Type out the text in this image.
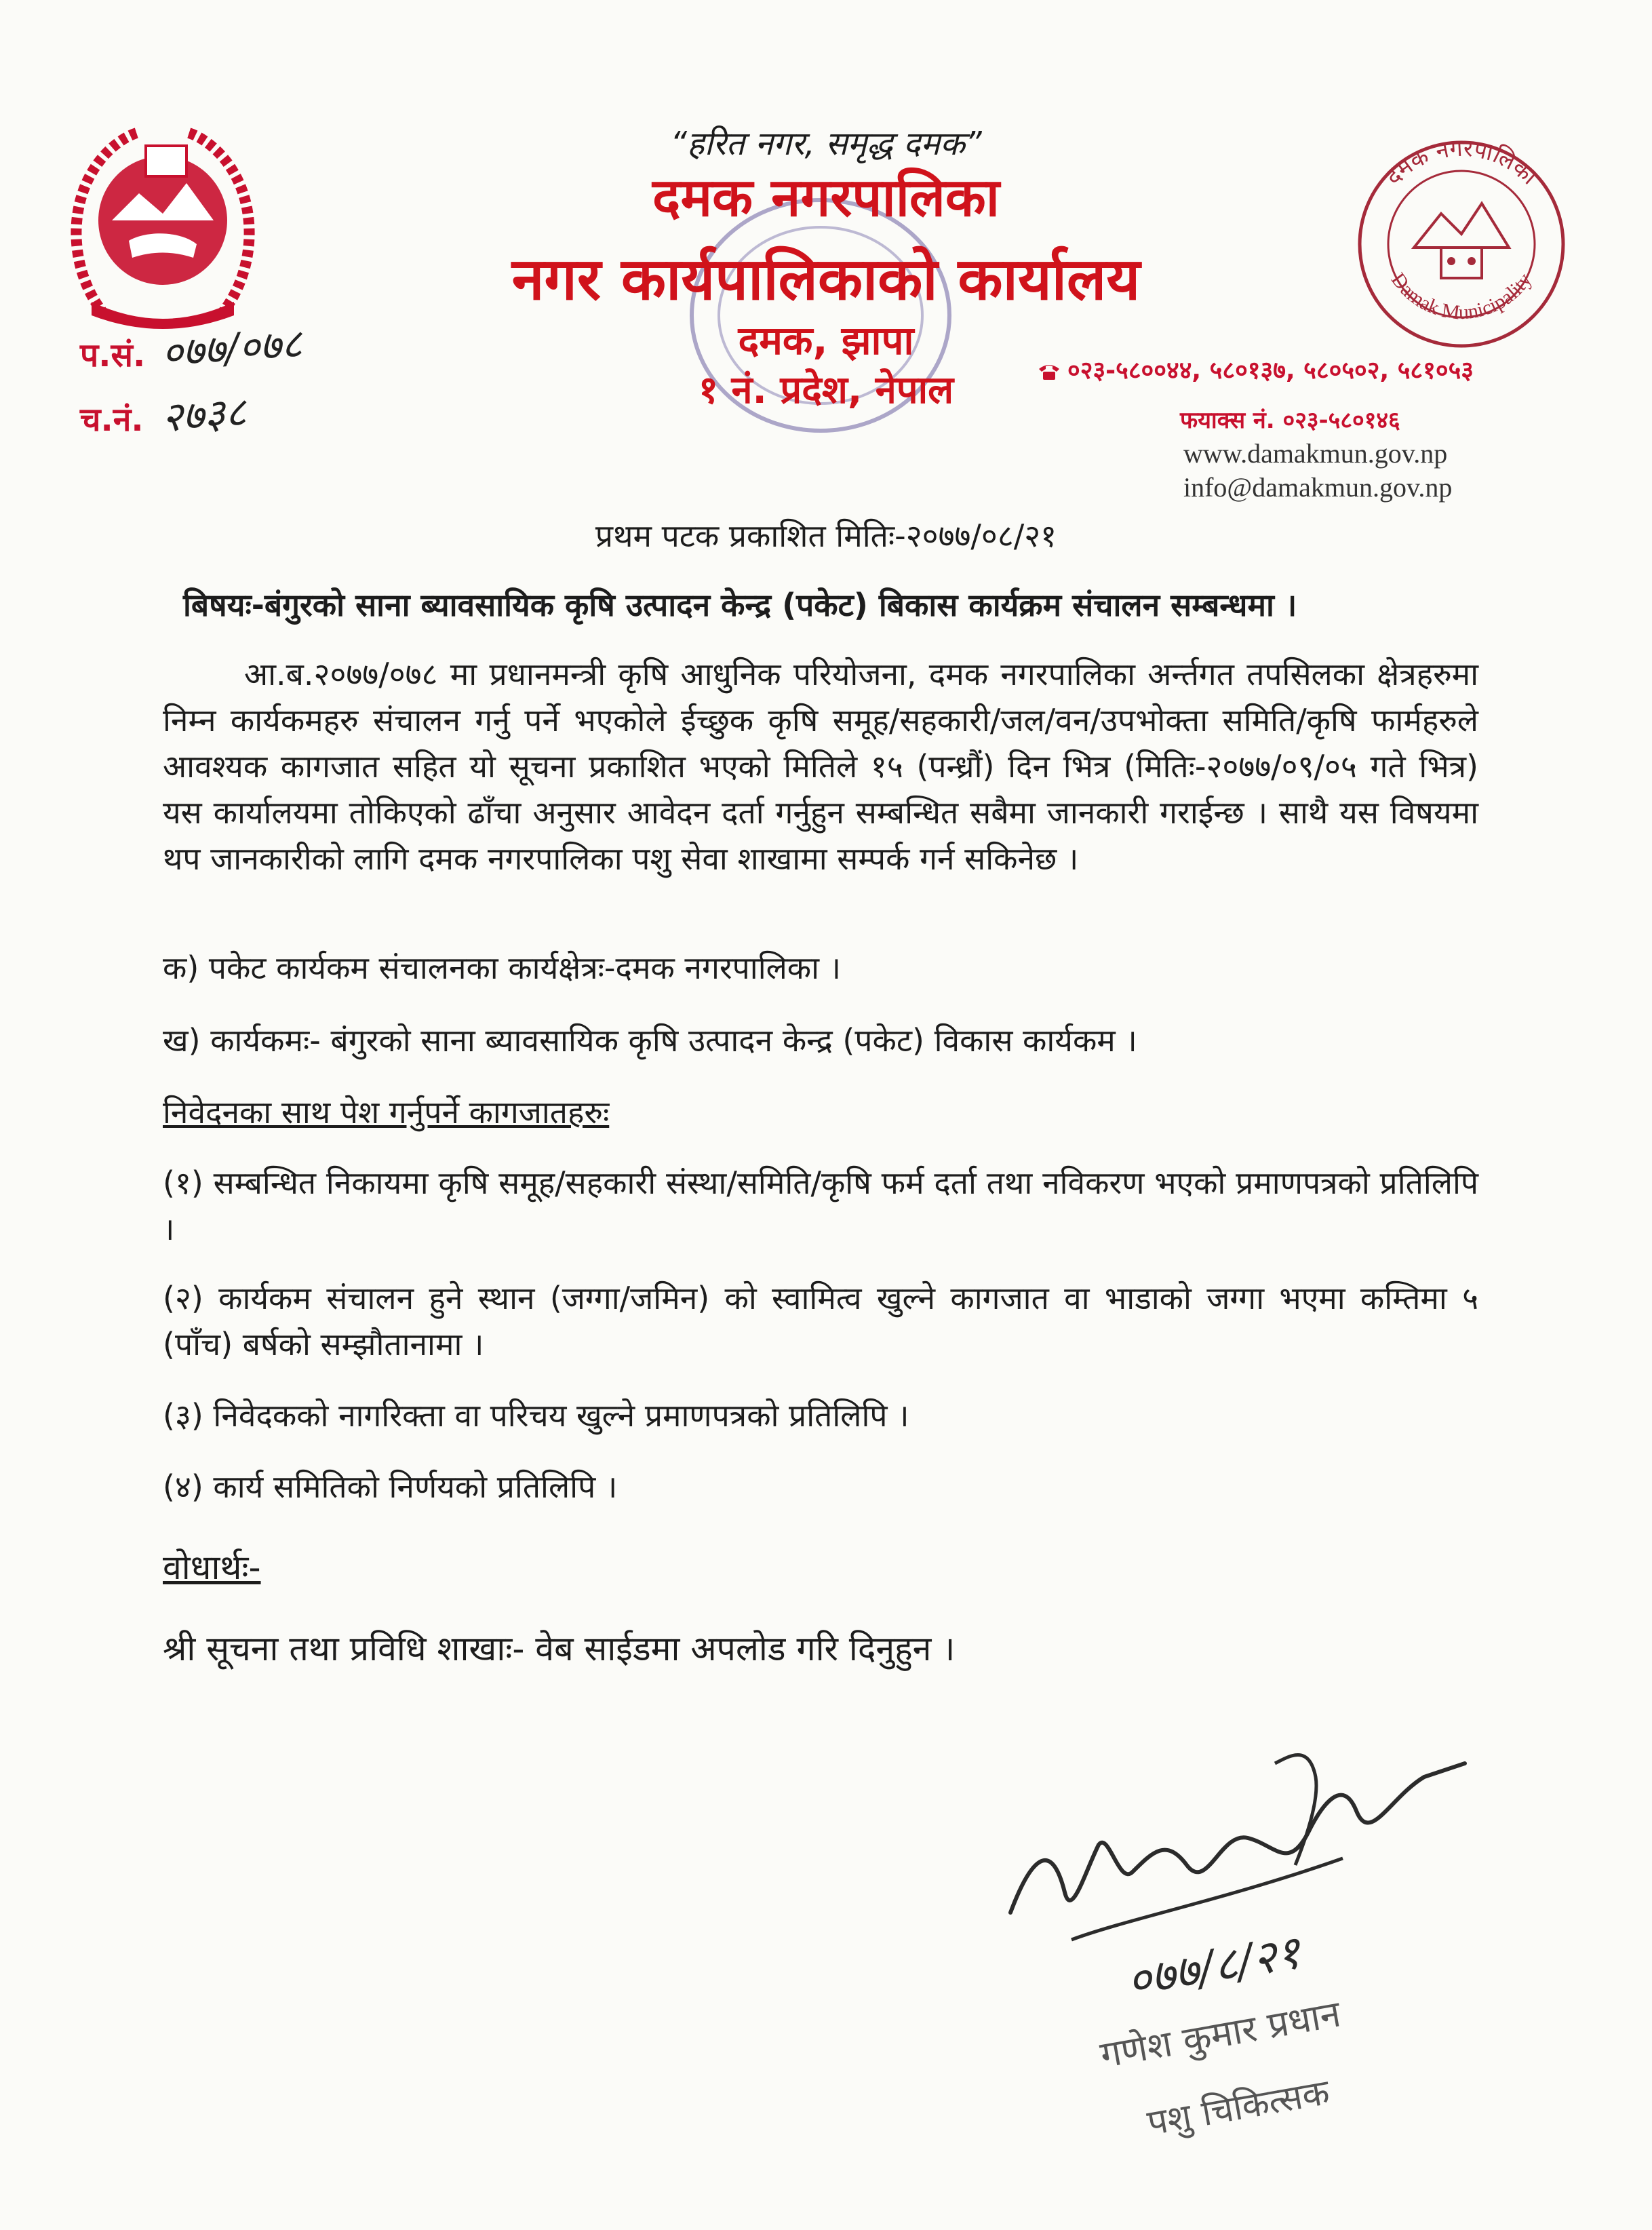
“हरित नगर, समृद्ध दमक”
दमक नगरपालिका
नगर कार्यपालिकाको कार्यालय
दमक, झापा
१ नं. प्रदेश, नेपाल
प.सं. ०७७/०७८
च.नं. २७३८
दमक नगरपालिका
Damak Municipality
०२३-५८००४४, ५८०१३७, ५८०५०२, ५८१०५३
फयाक्स नं. ०२३-५८०१४६
www.damakmun.gov.np
info@damakmun.gov.np
प्रथम पटक प्रकाशित मितिः-२०७७/०८/२१
बिषयः-बंगुरको साना ब्यावसायिक कृषि उत्पादन केन्द्र (पकेट) बिकास कार्यक्रम संचालन सम्बन्धमा ।
आ.ब.२०७७/०७८ मा प्रधानमन्त्री कृषि आधुनिक परियोजना, दमक नगरपालिका अर्न्तगत तपसिलका क्षेत्रहरुमा निम्न कार्यकमहरु संचालन गर्नु पर्ने भएकोले ईच्छुक कृषि समूह/सहकारी/जल/वन/उपभोक्ता समिति/कृषि फार्महरुले आवश्यक कागजात सहित यो सूचना प्रकाशित भएको मितिले १५ (पन्ध्रौं) दिन भित्र (मितिः-२०७७/०९/०५ गते भित्र) यस कार्यालयमा तोकिएको ढाँचा अनुसार आवेदन दर्ता गर्नुहुन सम्बन्धित सबैमा जानकारी गराईन्छ । साथै यस विषयमा थप जानकारीको लागि दमक नगरपालिका पशु सेवा शाखामा सम्पर्क गर्न सकिनेछ ।
क) पकेट कार्यकम संचालनका कार्यक्षेत्रः-दमक नगरपालिका ।
ख) कार्यकमः- बंगुरको साना ब्यावसायिक कृषि उत्पादन केन्द्र (पकेट) विकास कार्यकम ।
निवेदनका साथ पेश गर्नुपर्ने कागजातहरुः
(१) सम्बन्धित निकायमा कृषि समूह/सहकारी संस्था/समिति/कृषि फर्म दर्ता तथा नविकरण भएको प्रमाणपत्रको प्रतिलिपि ।
(२) कार्यकम संचालन हुने स्थान (जग्गा/जमिन) को स्वामित्व खुल्ने कागजात वा भाडाको जग्गा भएमा कम्तिमा ५ (पाँच) बर्षको सम्झौतानामा ।
(३) निवेदकको नागरिक्ता वा परिचय खुल्ने प्रमाणपत्रको प्रतिलिपि ।
(४) कार्य समितिको निर्णयको प्रतिलिपि ।
वोधार्थः-
श्री सूचना तथा प्रविधि शाखाः- वेब साईडमा अपलोड गरि दिनुहुन ।
०७७/८/२१
गणेश कुमार प्रधान
पशु चिकित्सक
